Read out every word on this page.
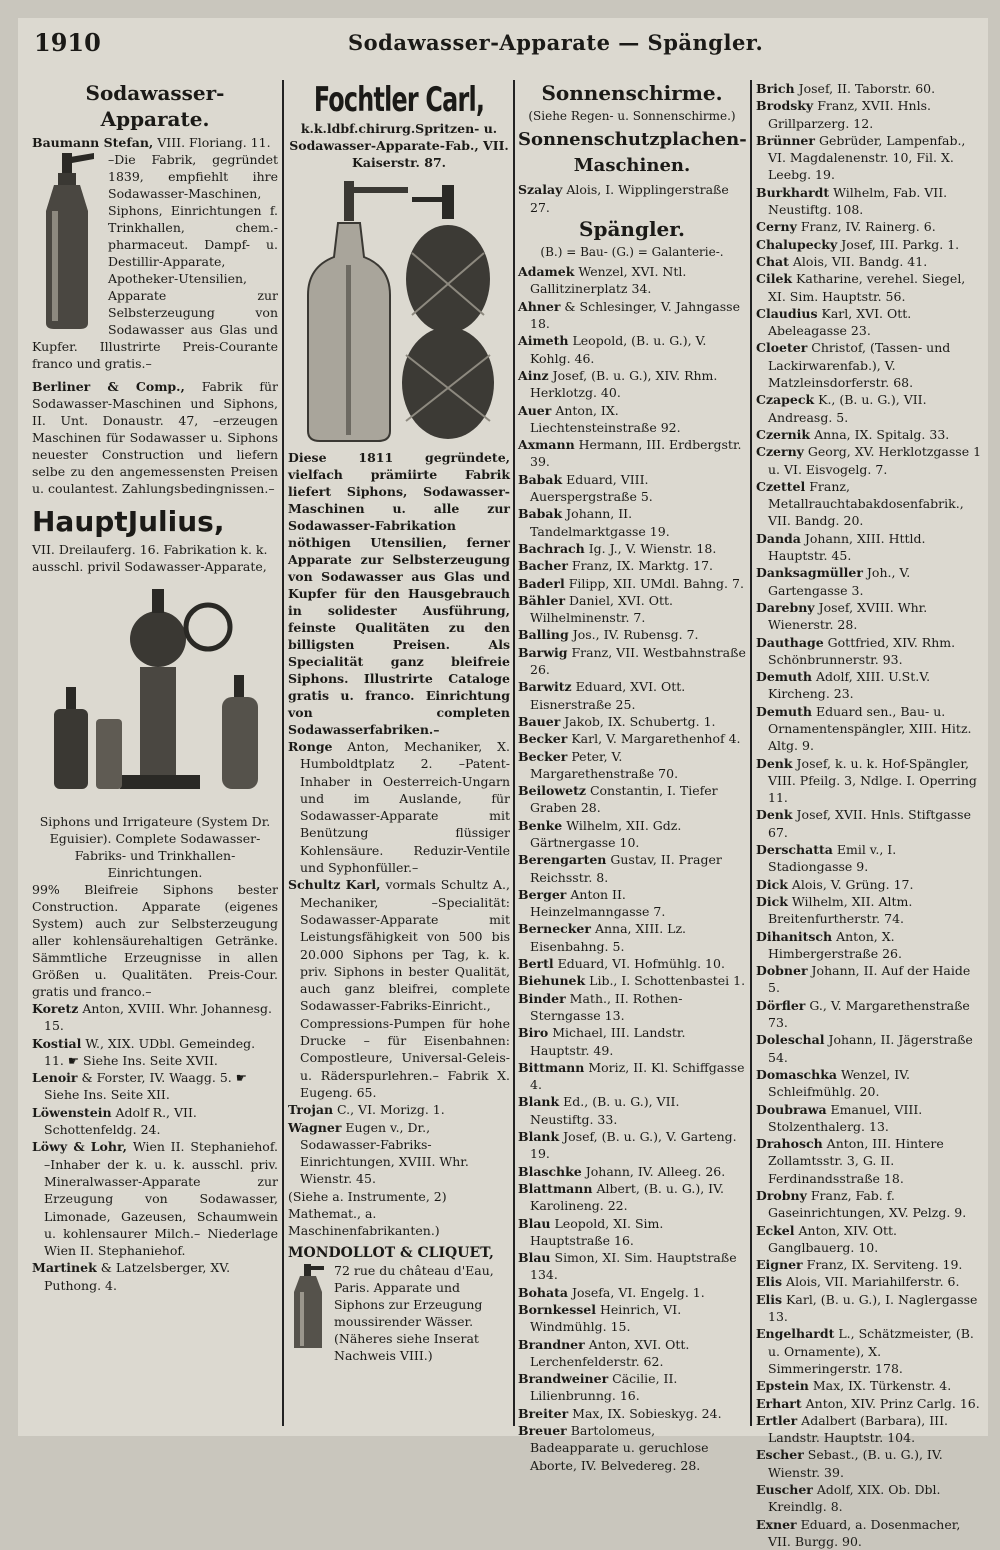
1910	Sodawasser-Apparate — Spängler.
Sodawasser-Apparate.

Baumann Stefan, VIII. Floriang. 11.

–Die Fabrik, gegründet 1839, empfiehlt ihre Sodawasser-Maschinen, Siphons, Einrichtungen f. Trinkhallen, chem.-pharmaceut. Dampf- u. Destillir-Apparate, Apotheker-Utensilien, Apparate zur Selbsterzeugung von Sodawasser aus Glas und Kupfer. Illustrirte Preis-Courante franco und gratis.–

Berliner & Comp., Fabrik für Sodawasser-Maschinen und Siphons, II. Unt. Donaustr. 47, –erzeugen Maschinen für Sodawasser u. Siphons neuester Construction und liefern selbe zu den angemessensten Preisen u. coulantest. Zahlungsbedingnissen.–

HauptJulius,

VII. Dreilauferg. 16. Fabrikation k. k. ausschl. privil Sodawasser-Apparate,

Siphons und Irrigateure (System Dr. Eguisier). Complete Sodawasser-Fabriks- und Trinkhallen-Einrichtungen.

99% Bleifreie Siphons bester Construction. Apparate (eigenes System) auch zur Selbsterzeugung aller kohlensäurehaltigen Getränke. Sämmtliche Erzeugnisse in allen Größen u. Qualitäten. Preis-Cour. gratis und franco.–

Koretz Anton, XVIII. Whr. Johannesg. 15.

Kostial W., XIX. UDbl. Gemeindeg. 11. ☛ Siehe Ins. Seite XVII.

Lenoir & Forster, IV. Waagg. 5. ☛ Siehe Ins. Seite XII.

Löwenstein Adolf R., VII. Schottenfeldg. 24.

Löwy & Lohr, Wien II. Stephaniehof. –Inhaber der k. u. k. ausschl. priv. Mineralwasser-Apparate zur Erzeugung von Sodawasser, Limonade, Gazeusen, Schaumwein u. kohlensaurer Milch.– Niederlage Wien II. Stephaniehof.

Martinek & Latzelsberger, XV. Puthong. 4.

Fochtler Carl,

k.k.ldbf.chirurg.Spritzen- u. Sodawasser-Apparate-Fab., VII. Kaiserstr. 87.

Diese 1811 gegründete, vielfach prämiirte Fabrik liefert Siphons, Sodawasser-Maschinen u. alle zur Sodawasser-Fabrikation nöthigen Utensilien, ferner Apparate zur Selbsterzeugung von Sodawasser aus Glas und Kupfer für den Hausgebrauch in solidester Ausführung, feinste Qualitäten zu den billigsten Preisen. Als Specialität ganz bleifreie Siphons. Illustrirte Cataloge gratis u. franco. Einrichtung von completen Sodawasserfabriken.–

Ronge Anton, Mechaniker, X. Humboldtplatz 2. –Patent-Inhaber in Oesterreich-Ungarn und im Auslande, für Sodawasser-Apparate mit Benützung flüssiger Kohlensäure. Reduzir-Ventile und Syphonfüller.–

Schultz Karl, vormals Schultz A., Mechaniker, –Specialität: Sodawasser-Apparate mit Leistungsfähigkeit von 500 bis 20.000 Siphons per Tag, k. k. priv. Siphons in bester Qualität, auch ganz bleifrei, complete Sodawasser-Fabriks-Einricht., Compressions-Pumpen für hohe Drucke – für Eisenbahnen: Compostleure, Universal-Geleis- u. Räderspurlehren.– Fabrik X. Eugeng. 65.

Trojan C., VI. Morizg. 1.

Wagner Eugen v., Dr., Sodawasser-Fabriks-Einrichtungen, XVIII. Whr. Wienstr. 45.

(Siehe a. Instrumente, 2) Mathemat., a. Maschinenfabrikanten.)

MONDOLLOT & CLIQUET,

72 rue du château d'Eau, Paris. Apparate und Siphons zur Erzeugung moussirender Wässer. (Näheres siehe Inserat Nachweis VIII.)

Sonnenschirme.
(Siehe Regen- u. Sonnenschirme.)
Sonnenschutzplachen-Maschinen.

Szalay Alois, I. Wipplingerstraße 27.

Spängler.
(B.) = Bau- (G.) = Galanterie-.

Adamek Wenzel, XVI. Ntl. Gallitzinerplatz 34.

Ahner & Schlesinger, V. Jahngasse 18.

Aimeth Leopold, (B. u. G.), V. Kohlg. 46.

Ainz Josef, (B. u. G.), XIV. Rhm. Herklotzg. 40.

Auer Anton, IX. Liechtensteinstraße 92.

Axmann Hermann, III. Erdbergstr. 39.

Babak Eduard, VIII. Auerspergstraße 5.

Babak Johann, II. Tandelmarktgasse 19.

Bachrach Ig. J., V. Wienstr. 18.

Bacher Franz, IX. Marktg. 17.

Baderl Filipp, XII. UMdl. Bahng. 7.

Bähler Daniel, XVI. Ott. Wilhelminenstr. 7.

Balling Jos., IV. Rubensg. 7.

Barwig Franz, VII. Westbahnstraße 26.

Barwitz Eduard, XVI. Ott. Eisnerstraße 25.

Bauer Jakob, IX. Schubertg. 1.

Becker Karl, V. Margarethenhof 4.

Becker Peter, V. Margarethenstraße 70.

Beilowetz Constantin, I. Tiefer Graben 28.

Benke Wilhelm, XII. Gdz. Gärtnergasse 10.

Berengarten Gustav, II. Prager Reichsstr. 8.

Berger Anton II. Heinzelmanngasse 7.

Bernecker Anna, XIII. Lz. Eisenbahng. 5.

Bertl Eduard, VI. Hofmühlg. 10.

Biehunek Lib., I. Schottenbastei 1.

Binder Math., II. Rothen-Sterngasse 13.

Biro Michael, III. Landstr. Hauptstr. 49.

Bittmann Moriz, II. Kl. Schiffgasse 4.

Blank Ed., (B. u. G.), VII. Neustiftg. 33.

Blank Josef, (B. u. G.), V. Garteng. 19.

Blaschke Johann, IV. Alleeg. 26.

Blattmann Albert, (B. u. G.), IV. Karolineng. 22.

Blau Leopold, XI. Sim. Hauptstraße 16.

Blau Simon, XI. Sim. Hauptstraße 134.

Bohata Josefa, VI. Engelg. 1.

Bornkessel Heinrich, VI. Windmühlg. 15.

Brandner Anton, XVI. Ott. Lerchenfelderstr. 62.

Brandweiner Cäcilie, II. Lilienbrunng. 16.

Breiter Max, IX. Sobieskyg. 24.

Breuer Bartolomeus, Badeapparate u. geruchlose Aborte, IV. Belvedereg. 28.

Brich Josef, II. Taborstr. 60.

Brodsky Franz, XVII. Hnls. Grillparzerg. 12.

Brünner Gebrüder, Lampenfab., VI. Magdalenenstr. 10, Fil. X. Leebg. 19.

Burkhardt Wilhelm, Fab. VII. Neustiftg. 108.

Cerny Franz, IV. Rainerg. 6.

Chalupecky Josef, III. Parkg. 1.

Chat Alois, VII. Bandg. 41.

Cilek Katharine, verehel. Siegel, XI. Sim. Hauptstr. 56.

Claudius Karl, XVI. Ott. Abeleagasse 23.

Cloeter Christof, (Tassen- und Lackirwarenfab.), V. Matzleinsdorferstr. 68.

Czapeck K., (B. u. G.), VII. Andreasg. 5.

Czernik Anna, IX. Spitalg. 33.

Czerny Georg, XV. Herklotzgasse 1 u. VI. Eisvogelg. 7.

Czettel Franz, Metallrauchtabakdosenfabrik., VII. Bandg. 20.

Danda Johann, XIII. Httld. Hauptstr. 45.

Danksagmüller Joh., V. Gartengasse 3.

Darebny Josef, XVIII. Whr. Wienerstr. 28.

Dauthage Gottfried, XIV. Rhm. Schönbrunnerstr. 93.

Demuth Adolf, XIII. U.St.V. Kircheng. 23.

Demuth Eduard sen., Bau- u. Ornamentenspängler, XIII. Hitz. Altg. 9.

Denk Josef, k. u. k. Hof-Spängler, VIII. Pfeilg. 3, Ndlge. I. Operring 11.

Denk Josef, XVII. Hnls. Stiftgasse 67.

Derschatta Emil v., I. Stadiongasse 9.

Dick Alois, V. Grüng. 17.

Dick Wilhelm, XII. Altm. Breitenfurtherstr. 74.

Dihanitsch Anton, X. Himbergerstraße 26.

Dobner Johann, II. Auf der Haide 5.

Dörfler G., V. Margarethenstraße 73.

Doleschal Johann, II. Jägerstraße 54.

Domaschka Wenzel, IV. Schleifmühlg. 20.

Doubrawa Emanuel, VIII. Stolzenthalerg. 13.

Drahosch Anton, III. Hintere Zollamtsstr. 3, G. II. Ferdinandsstraße 18.

Drobny Franz, Fab. f. Gaseinrichtungen, XV. Pelzg. 9.

Eckel Anton, XIV. Ott. Ganglbauerg. 10.

Eigner Franz, IX. Serviteng. 19.

Elis Alois, VII. Mariahilferstr. 6.

Elis Karl, (B. u. G.), I. Naglergasse 13.

Engelhardt L., Schätzmeister, (B. u. Ornamente), X. Simmeringerstr. 178.

Epstein Max, IX. Türkenstr. 4.

Erhart Anton, XIV. Prinz Carlg. 16.

Ertler Adalbert (Barbara), III. Landstr. Hauptstr. 104.

Escher Sebast., (B. u. G.), IV. Wienstr. 39.

Euscher Adolf, XIX. Ob. Dbl. Kreindlg. 8.

Exner Eduard, a. Dosenmacher, VII. Burgg. 90.
